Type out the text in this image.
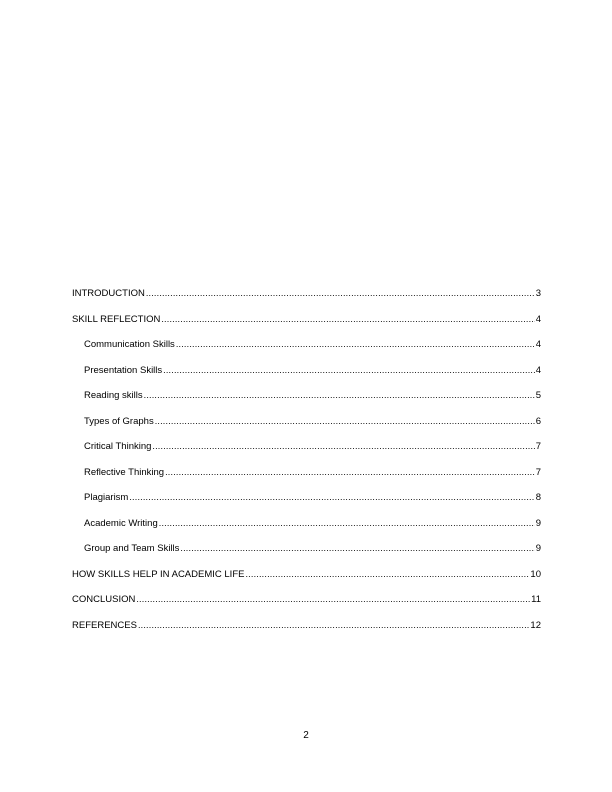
INTRODUCTION .....	3
SKILL REFLECTION .....	4
Communication Skills .....	4
Presentation Skills .....	4
Reading skills .....	5
Types of Graphs .....	6
Critical Thinking .....	7
Reflective Thinking .....	7
Plagiarism .....	8
Academic Writing .....	9
Group and Team Skills .....	9
HOW SKILLS HELP IN ACADEMIC LIFE .....	10
CONCLUSION .....	11
REFERENCES .....	12
2
